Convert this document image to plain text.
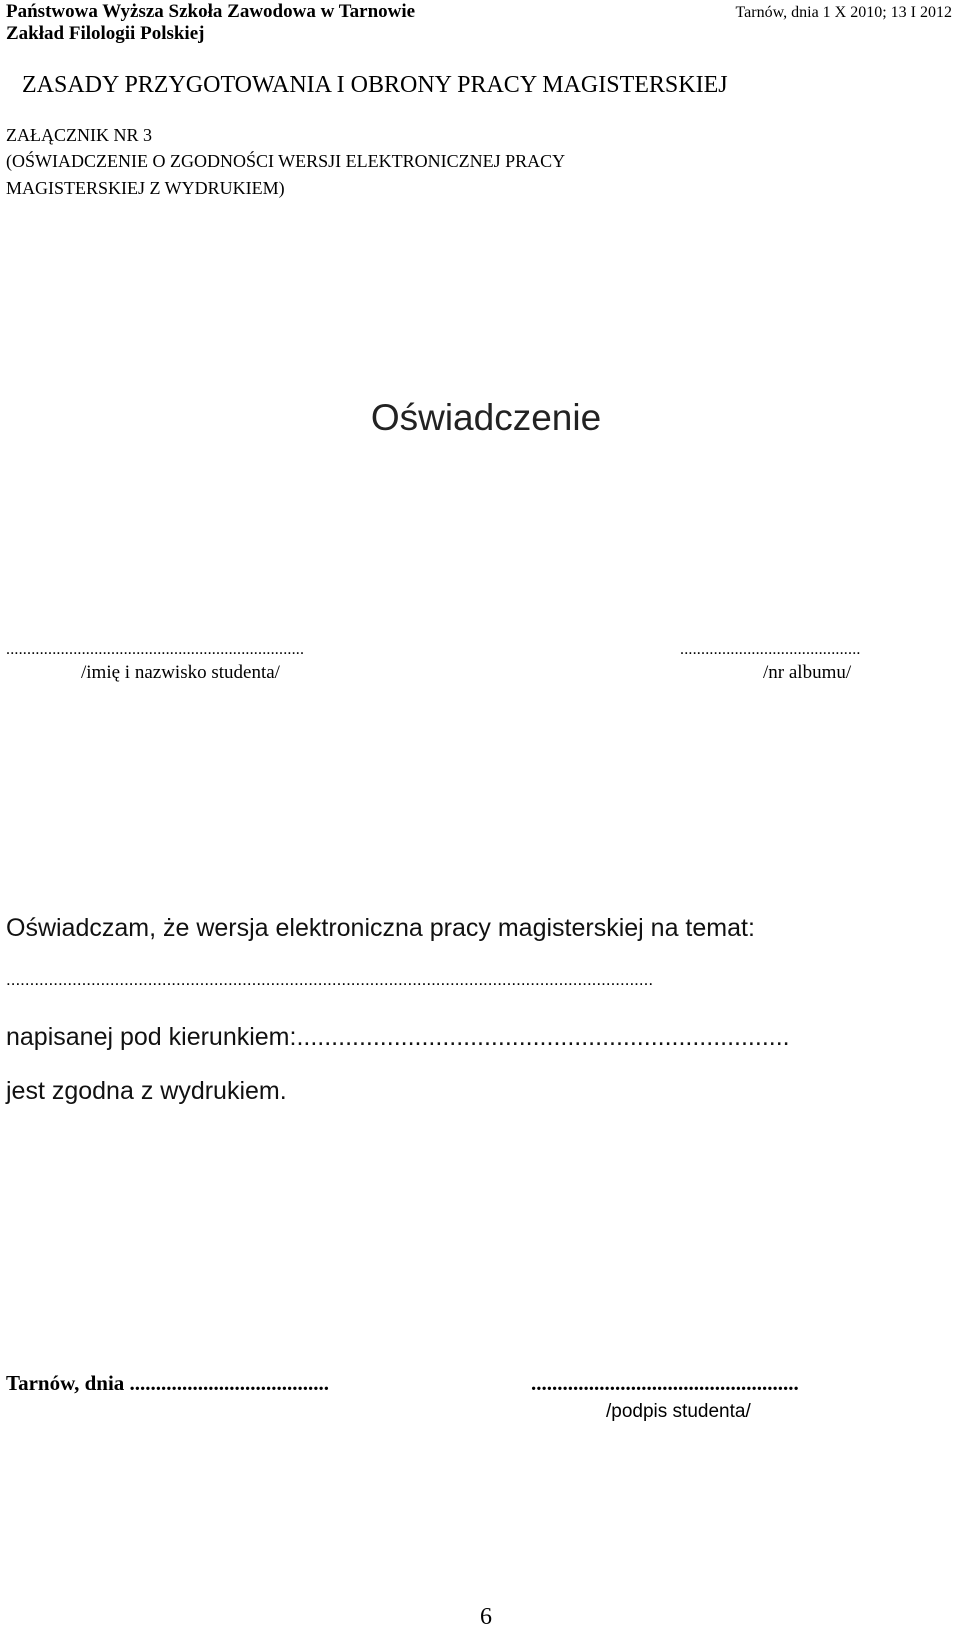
Państwowa Wyższa Szkoła Zawodowa w Tarnowie
Zakład Filologii Polskiej
Tarnów, dnia 1 X 2010; 13 I 2012
ZASADY PRZYGOTOWANIA I OBRONY PRACY MAGISTERSKIEJ
ZAŁĄCZNIK NR 3
(OŚWIADCZENIE O ZGODNOŚCI WERSJI ELEKTRONICZNEJ PRACY
MAGISTERSKIEJ Z WYDRUKIEM)
Oświadczenie
.......................................................................
/imię i nazwisko studenta/
...........................................
/nr albumu/
Oświadczam, że wersja elektroniczna pracy magisterskiej na temat:
.........................................................................................................................................
napisanej pod kierunkiem:.......................................................................
jest zgodna z wydrukiem.
Tarnów, dnia ......................................	...................................................
/podpis studenta/
6
